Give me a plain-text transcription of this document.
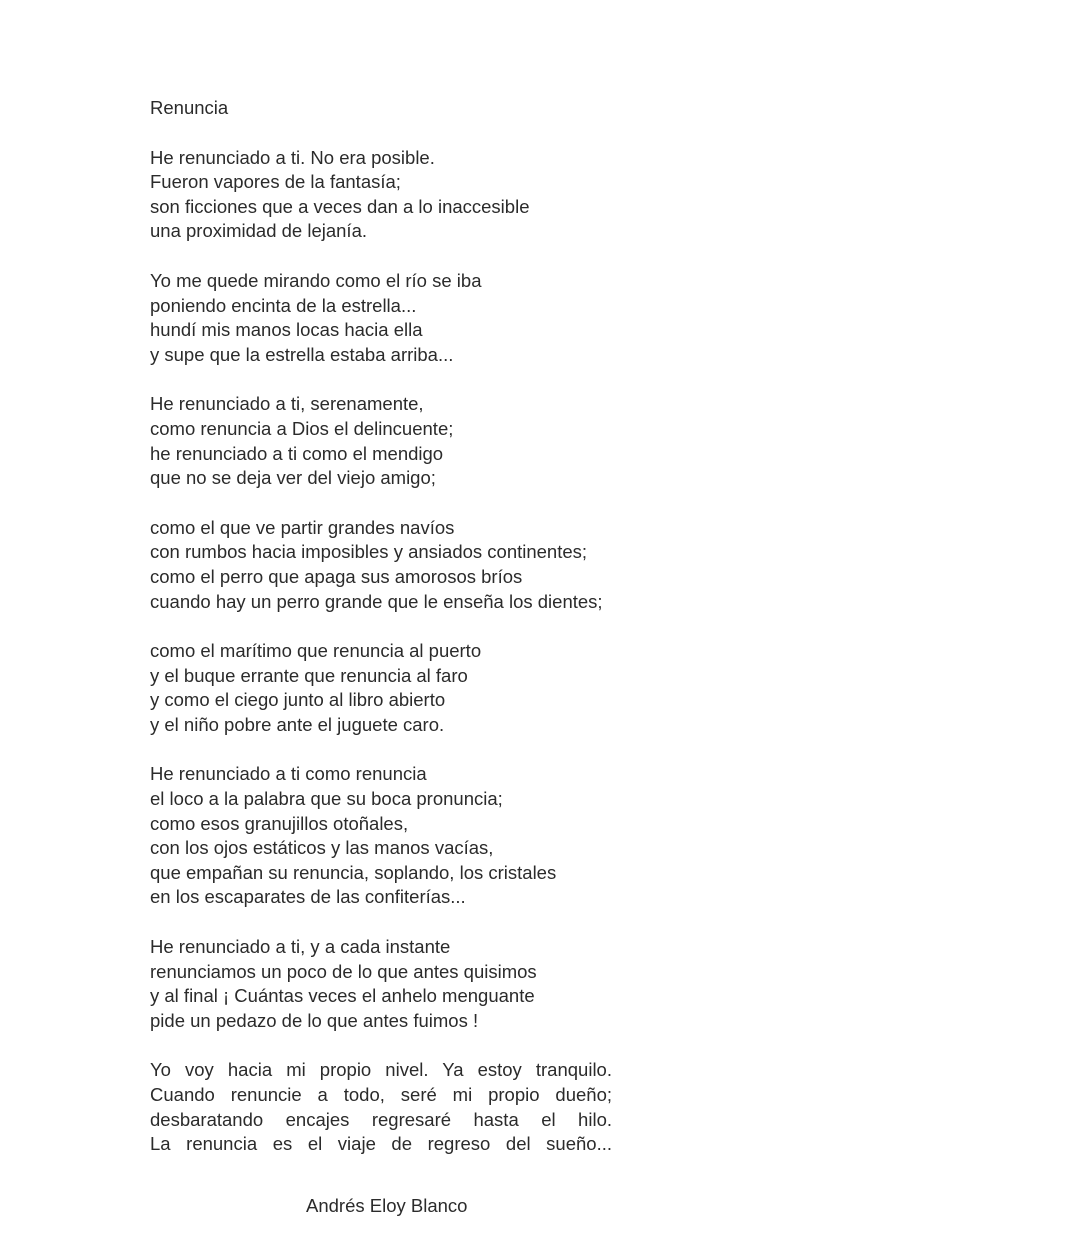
Renuncia
He renunciado a ti. No era posible.
Fueron vapores de la fantasía;
son ficciones que a veces dan a lo inaccesible
una proximidad de lejanía.
Yo me quede mirando como el río se iba
poniendo encinta de la estrella...
hundí mis manos locas hacia ella
y supe que la estrella estaba arriba...
He renunciado a ti, serenamente,
como renuncia a Dios el delincuente;
he renunciado a ti como el mendigo
que no se deja ver del viejo amigo;
como el que ve partir grandes navíos
con rumbos hacia imposibles y ansiados continentes;
como el perro que apaga sus amorosos bríos
cuando hay un perro grande que le enseña los dientes;
como el marítimo que renuncia al puerto
y el buque errante que renuncia al faro
y como el ciego junto al libro abierto
y el niño pobre ante el juguete caro.
He renunciado a ti como renuncia
el loco a la palabra que su boca pronuncia;
como esos granujillos otoñales,
con los ojos estáticos y las manos vacías,
que empañan su renuncia, soplando, los cristales
en los escaparates de las confiterías...
He renunciado a ti, y a cada instante
renunciamos un poco de lo que antes quisimos
y al final ¡ Cuántas veces el anhelo menguante
pide un pedazo de lo que antes fuimos !
Yo voy hacia mi propio nivel. Ya estoy tranquilo.
Cuando renuncie a todo, seré mi propio dueño;
desbaratando encajes regresaré hasta el hilo.
La renuncia es el viaje de regreso del sueño...
Andrés Eloy Blanco
